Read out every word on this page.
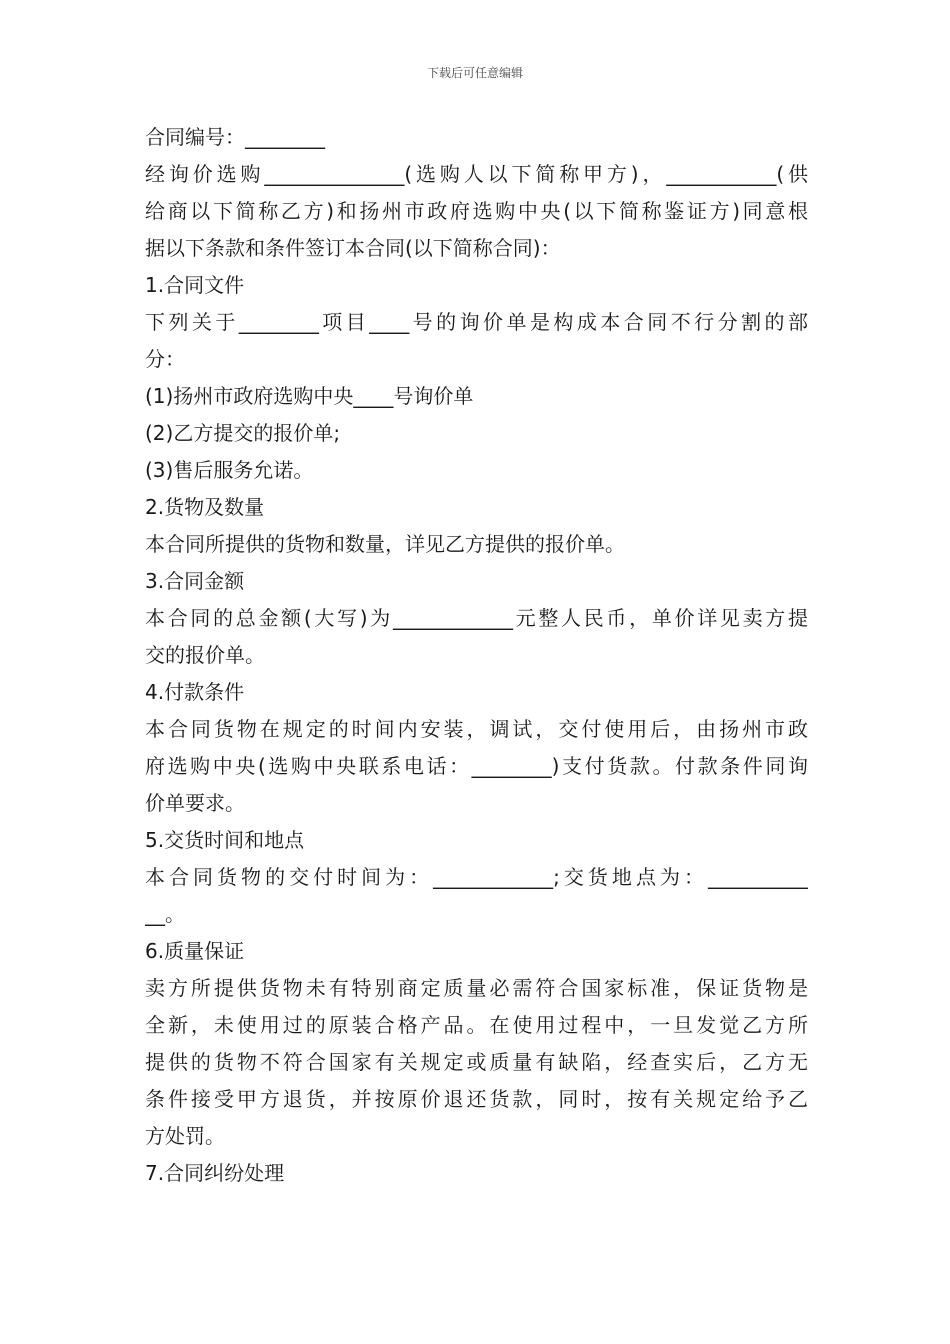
下载后可任意编辑
合同编号：________
经询价选购______________(选购人以下简称甲方)，___________(供
给商以下简称乙方)和扬州市政府选购中央(以下简称鉴证方)同意根
据以下条款和条件签订本合同(以下简称合同)：
1.合同文件
下列关于________项目____号的询价单是构成本合同不行分割的部
分：
(1)扬州市政府选购中央____号询价单
(2)乙方提交的报价单;
(3)售后服务允诺。
2.货物及数量
本合同所提供的货物和数量，详见乙方提供的报价单。
3.合同金额
本合同的总金额(大写)为____________元整人民币，单价详见卖方提
交的报价单。
4.付款条件
本合同货物在规定的时间内安装，调试，交付使用后，由扬州市政
府选购中央(选购中央联系电话：________)支付货款。付款条件同询
价单要求。
5.交货时间和地点
本合同货物的交付时间为：____________;交货地点为：__________
__。
6.质量保证
卖方所提供货物未有特别商定质量必需符合国家标准，保证货物是
全新，未使用过的原装合格产品。在使用过程中，一旦发觉乙方所
提供的货物不符合国家有关规定或质量有缺陷，经查实后，乙方无
条件接受甲方退货，并按原价退还货款，同时，按有关规定给予乙
方处罚。
7.合同纠纷处理
